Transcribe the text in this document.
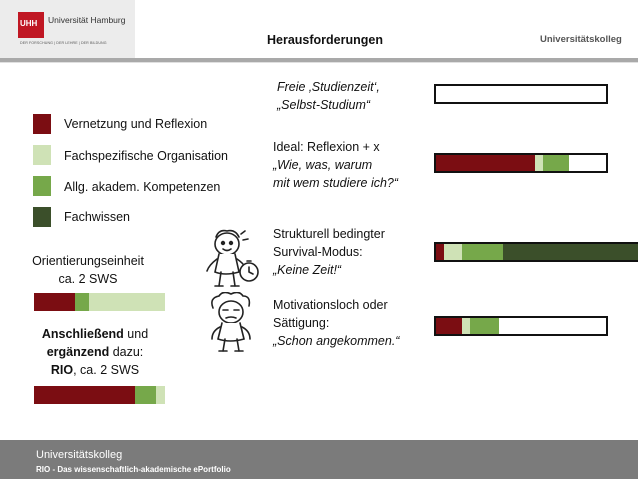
UHH Universität Hamburg
DER FORSCHUNG | DER LEHRE | DER BILDUNG	Herausforderungen	Universitätskolleg
Vernetzung und Reflexion
Fachspezifische Organisation
Allg. akadem. Kompetenzen
Fachwissen
Orientierungseinheit
ca. 2 SWS
Anschließend und
ergänzend dazu:
RIO, ca. 2 SWS
Freie ‚Studienzeit‘,
„Selbst-Studium“
Ideal: Reflexion + x
„Wie, was, warum
mit wem studiere ich?“
Strukturell bedingter
Survival-Modus:
„Keine Zeit!“
Motivationsloch oder
Sättigung:
„Schon angekommen.“
Universitätskolleg
RIO - Das wissenschaftlich-akademische ePortfolio
